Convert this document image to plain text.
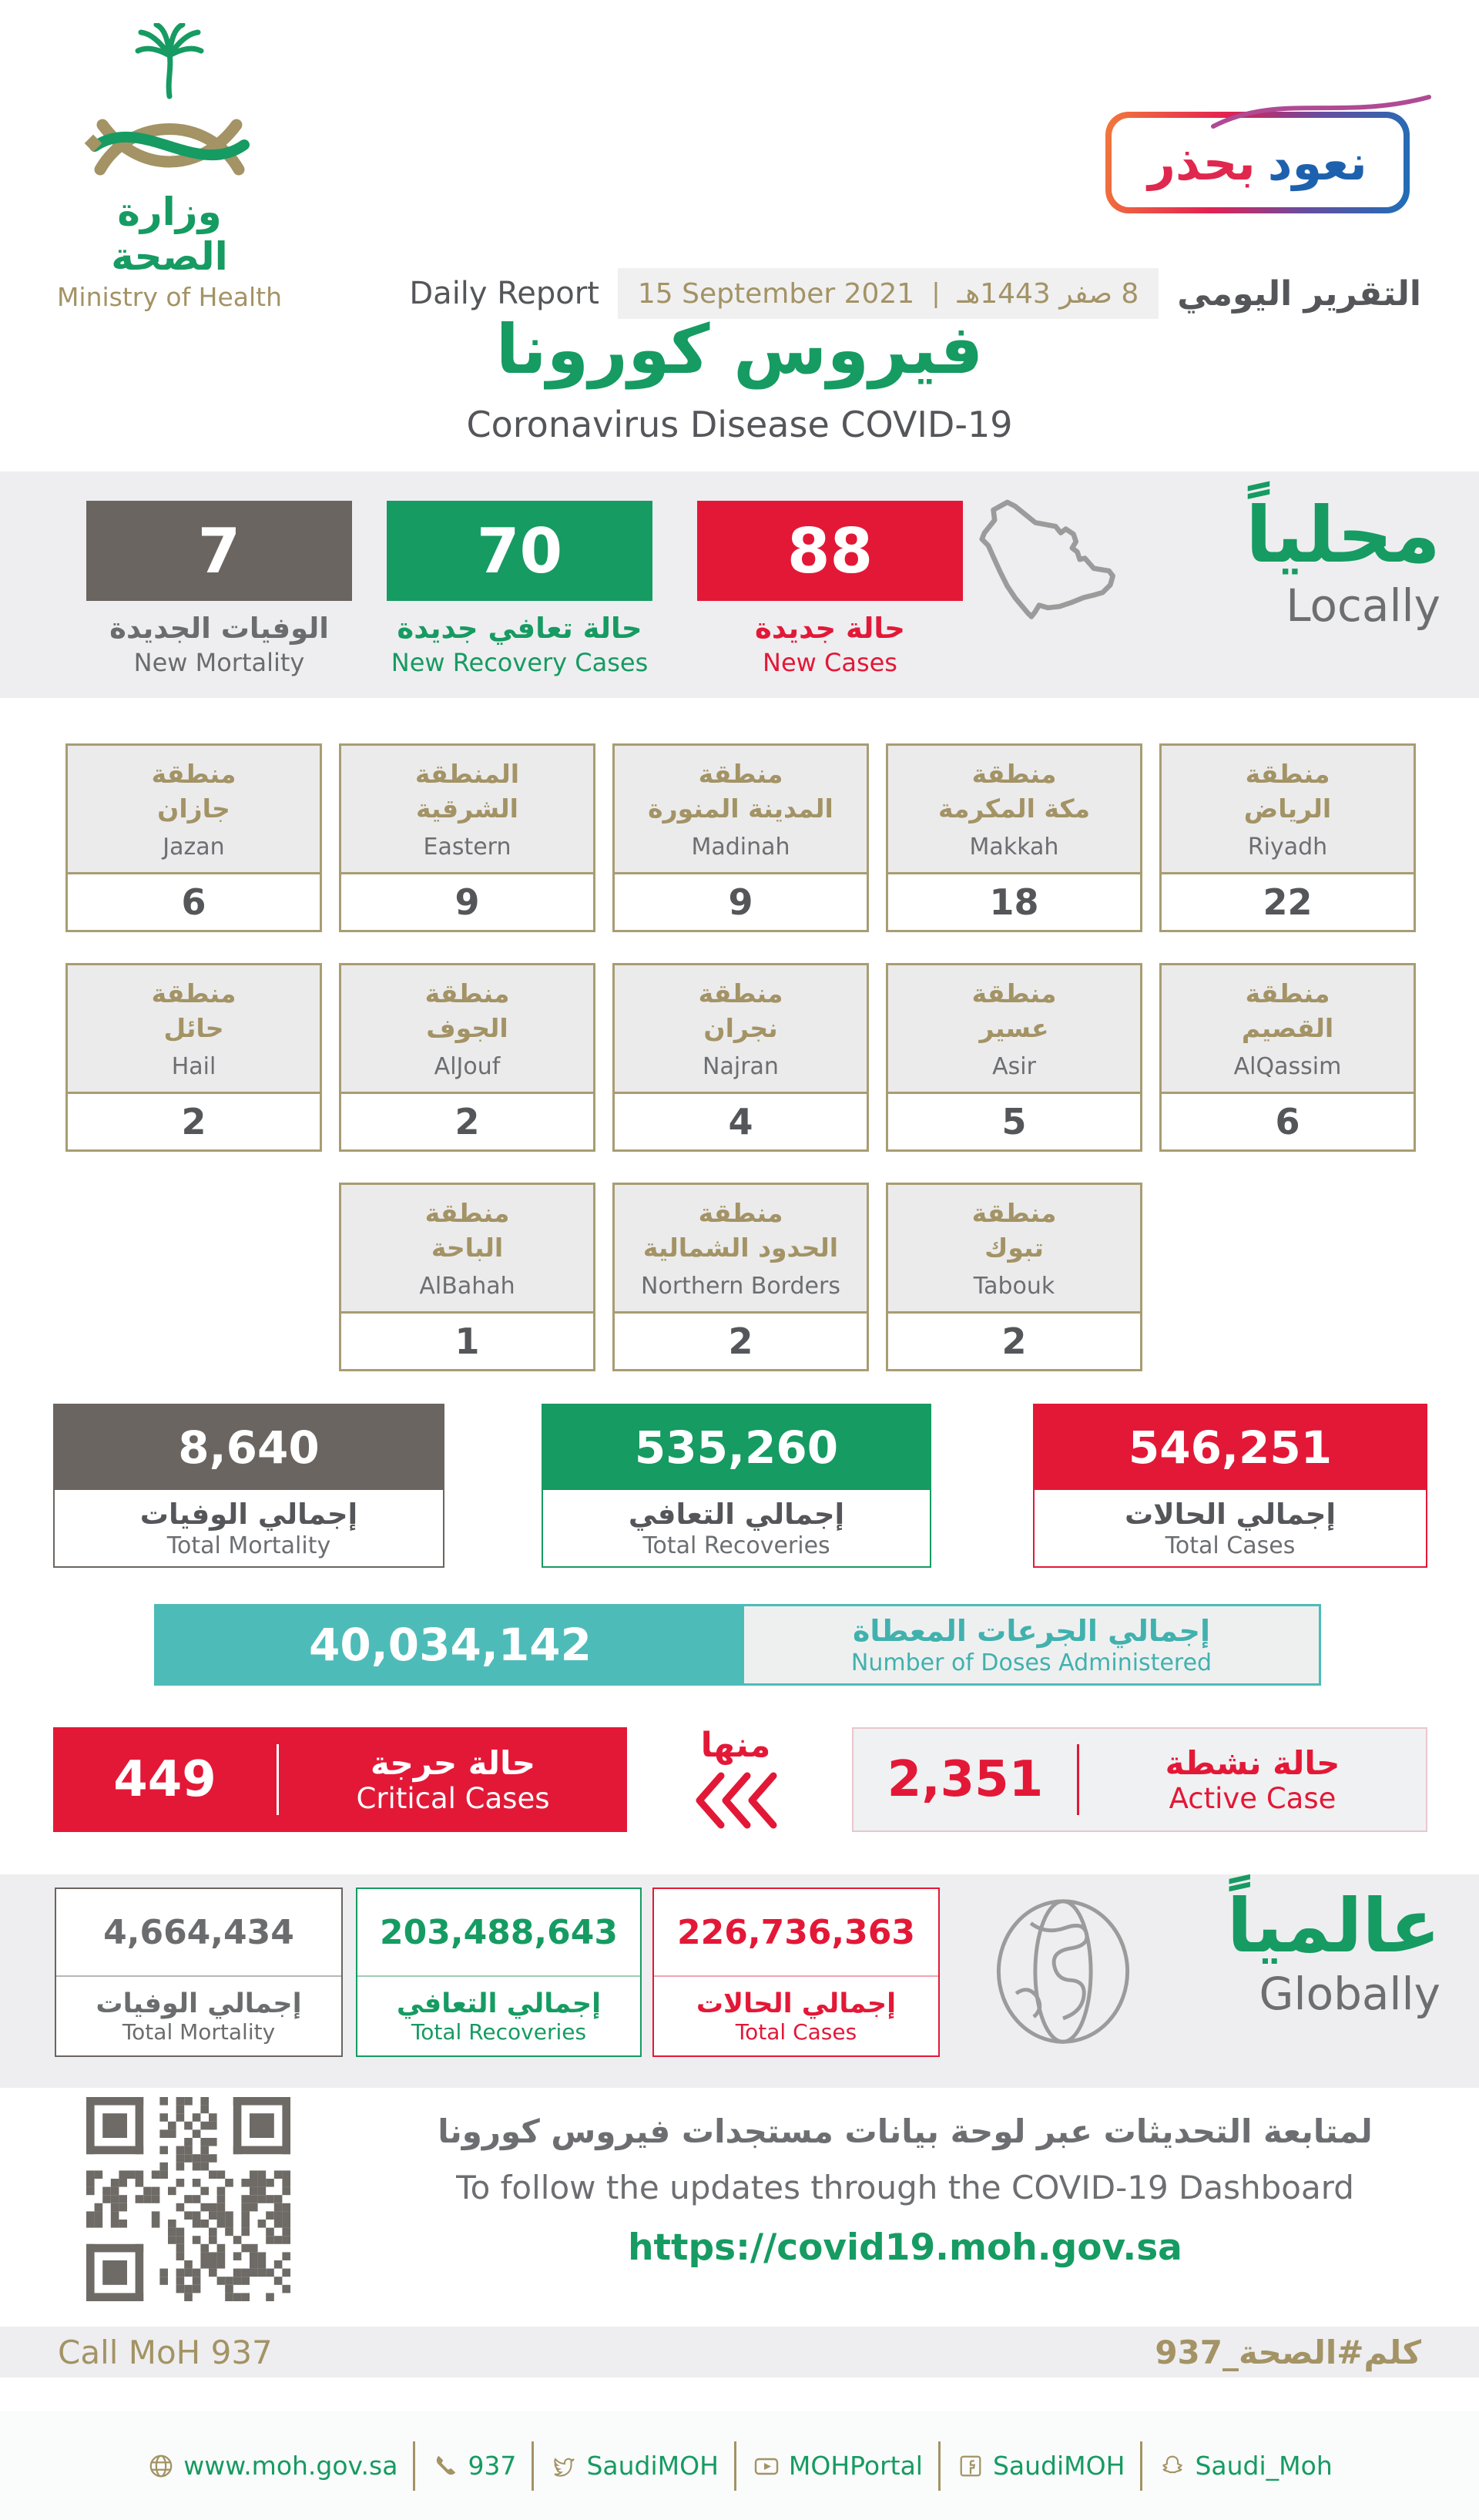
وزارة الصحة
Ministry of Health
نعود
بحذر
Daily Report 15 September 2021 | 8 صفر 1443هـ التقرير اليومي
فيروس كورونا
Coronavirus Disease COVID-19
7
الوفيات الجديدة
New Mortality
70
حالة تعافي جديدة
New Recovery Cases
88
حالة جديدة
New Cases
محلياً
Locally
منطقة
جازان
Jazan
6
المنطقة
الشرقية
Eastern
9
منطقة
المدينة المنورة
Madinah
9
منطقة
مكة المكرمة
Makkah
18
منطقة
الرياض
Riyadh
22
منطقة
حائل
Hail
2
منطقة
الجوف
AlJouf
2
منطقة
نجران
Najran
4
منطقة
عسير
Asir
5
منطقة
القصيم
AlQassim
6
منطقة
الباحة
AlBahah
1
منطقة
الحدود الشمالية
Northern Borders
2
منطقة
تبوك
Tabouk
2
8,640
إجمالي الوفيات
Total Mortality
535,260
إجمالي التعافي
Total Recoveries
546,251
إجمالي الحالات
Total Cases
40,034,142	إجمالي الجرعات المعطاة
Number of Doses Administered
449	حالة حرجة
Critical Cases
منها
2,351	حالة نشطة
Active Case
4,664,434
إجمالي الوفيات
Total Mortality
203,488,643
إجمالي التعافي
Total Recoveries
226,736,363
إجمالي الحالات
Total Cases
عالمياً
Globally
لمتابعة التحديثات عبر لوحة بيانات مستجدات فيروس كورونا
To follow the updates through the COVID-19 Dashboard
https://covid19.moh.gov.sa
Call MoH 937	كلم#الصحة_937
www.moh.gov.sa	937	SaudiMOH	MOHPortal	SaudiMOH	Saudi_Moh
